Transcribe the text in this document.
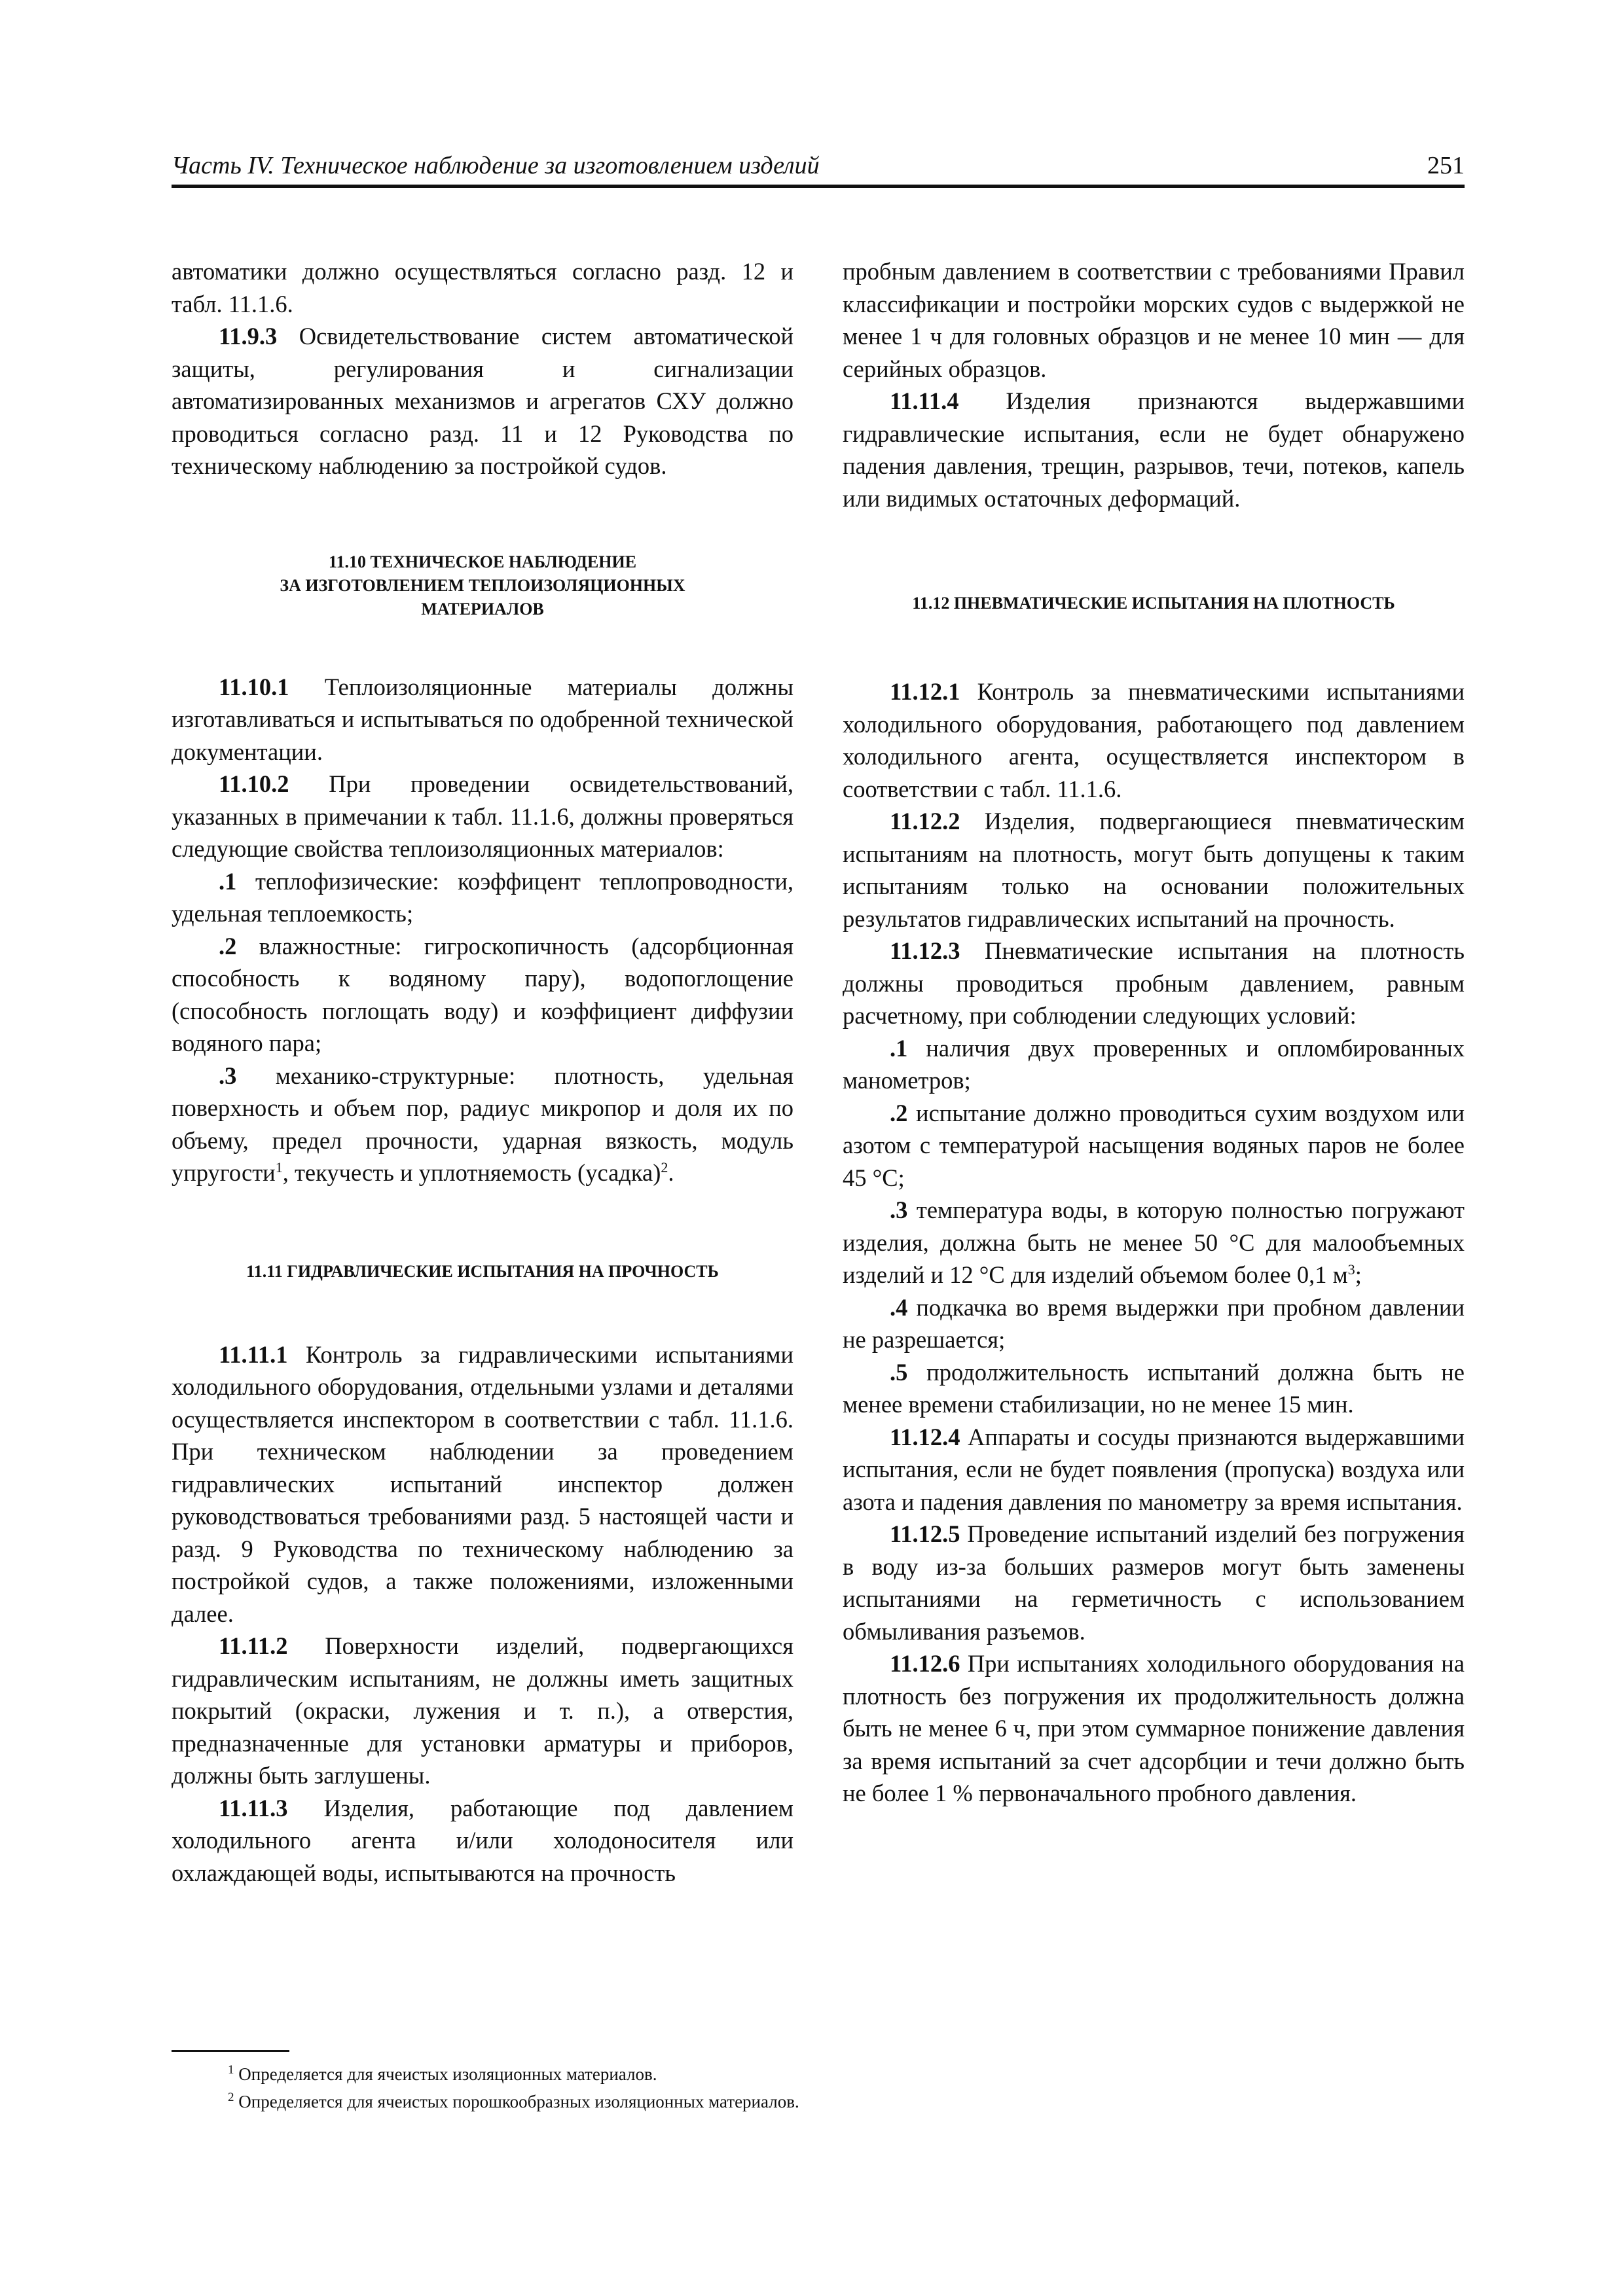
Часть IV. Техническое наблюдение за изготовлением изделий	251

автоматики должно осуществляться согласно разд. 12 и табл. 11.1.6.

11.9.3 Освидетельствование систем автоматической защиты, регулирования и сигнализации автоматизированных механизмов и агрегатов СХУ должно проводиться согласно разд. 11 и 12 Руководства по техническому наблюдению за постройкой судов.

11.10 ТЕХНИЧЕСКОЕ НАБЛЮДЕНИЕ

ЗА ИЗГОТОВЛЕНИЕМ ТЕПЛОИЗОЛЯЦИОННЫХ

МАТЕРИАЛОВ

11.10.1 Теплоизоляционные материалы должны изготавливаться и испытываться по одобренной технической документации.

11.10.2 При проведении освидетельствований, указанных в примечании к табл. 11.1.6, должны проверяться следующие свойства теплоизоляционных материалов:

.1 теплофизические: коэффицент теплопроводности, удельная теплоемкость;

.2 влажностные: гигроскопичность (адсорбционная способность к водяному пару), водопоглощение (способность поглощать воду) и коэффициент диффузии водяного пара;

.3 механико-структурные: плотность, удельная поверхность и объем пор, радиус микропор и доля их по объему, предел прочности, ударная вязкость, модуль упругости$^1$, текучесть и уплотняемость (усадка)$^2$.

11.11 ГИДРАВЛИЧЕСКИЕ ИСПЫТАНИЯ НА ПРОЧНОСТЬ

11.11.1 Контроль за гидравлическими испытаниями холодильного оборудования, отдельными узлами и деталями осуществляется инспектором в соответствии с табл. 11.1.6. При техническом наблюдении за проведением гидравлических испытаний инспектор должен руководствоваться требованиями разд. 5 настоящей части и разд. 9 Руководства по техническому наблюдению за постройкой судов, а также положениями, изложенными далее.

11.11.2 Поверхности изделий, подвергающихся гидравлическим испытаниям, не должны иметь защитных покрытий (окраски, лужения и т. п.), а отверстия, предназначенные для установки арматуры и приборов, должны быть заглушены.

11.11.3 Изделия, работающие под давлением холодильного агента и/или холодоносителя или охлаждающей воды, испытываются на прочность

пробным давлением в соответствии с требованиями Правил классификации и постройки морских судов с выдержкой не менее 1 ч для головных образцов и не менее 10 мин — для серийных образцов.

11.11.4 Изделия признаются выдержавшими гидравлические испытания, если не будет обнаружено падения давления, трещин, разрывов, течи, потеков, капель или видимых остаточных деформаций.

11.12 ПНЕВМАТИЧЕСКИЕ ИСПЫТАНИЯ НА ПЛОТНОСТЬ

11.12.1 Контроль за пневматическими испытаниями холодильного оборудования, работающего под давлением холодильного агента, осуществляется инспектором в соответствии с табл. 11.1.6.

11.12.2 Изделия, подвергающиеся пневматическим испытаниям на плотность, могут быть допущены к таким испытаниям только на основании положительных результатов гидравлических испытаний на прочность.

11.12.3 Пневматические испытания на плотность должны проводиться пробным давлением, равным расчетному, при соблюдении следующих условий:

.1 наличия двух проверенных и опломбированных манометров;

.2 испытание должно проводиться сухим воздухом или азотом с температурой насыщения водяных паров не более 45 °С;

.3 температура воды, в которую полностью погружают изделия, должна быть не менее 50 °С для малообъемных изделий и 12 °С для изделий объемом более 0,1 $м^3$;

.4 подкачка во время выдержки при пробном давлении не разрешается;

.5 продолжительность испытаний должна быть не менее времени стабилизации, но не менее 15 мин.

11.12.4 Аппараты и сосуды признаются выдержавшими испытания, если не будет появления (пропуска) воздуха или азота и падения давления по манометру за время испытания.

11.12.5 Проведение испытаний изделий без погружения в воду из-за больших размеров могут быть заменены испытаниями на герметичность с использованием обмыливания разъемов.

11.12.6 При испытаниях холодильного оборудования на плотность без погружения их продолжительность должна быть не менее 6 ч, при этом суммарное понижение давления за время испытаний за счет адсорбции и течи должно быть не более 1 % первоначального пробного давления.

$^1$ Определяется для ячеистых изоляционных материалов.

$^2$ Определяется для ячеистых порошкообразных изоляционных материалов.
